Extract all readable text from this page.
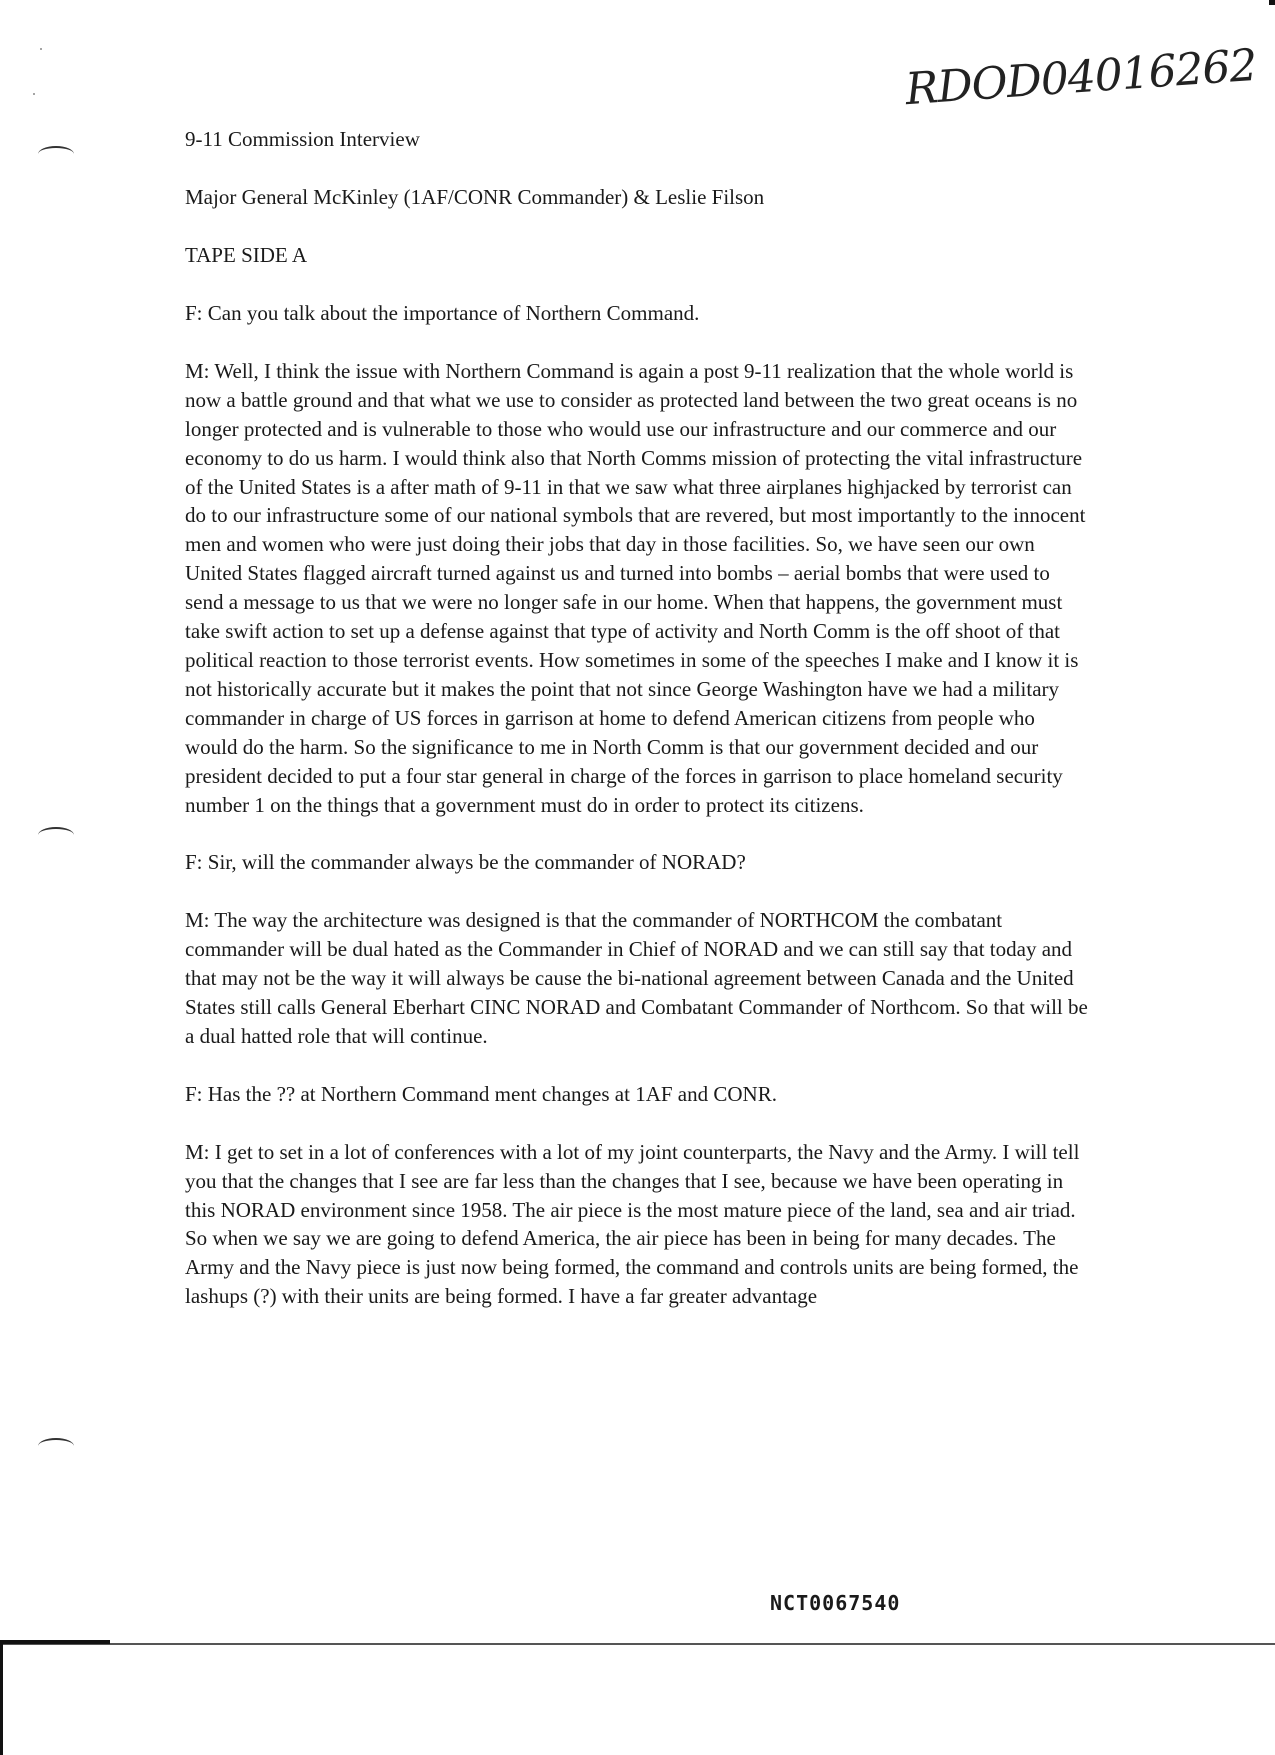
RDOD04016262

9-11 Commission Interview

Major General McKinley (1AF/CONR Commander) & Leslie Filson

TAPE SIDE A

F: Can you talk about the importance of Northern Command.

M: Well, I think the issue with Northern Command is again a post 9-11 realization that the whole world is now a battle ground and that what we use to consider as protected land between the two great oceans is no longer protected and is vulnerable to those who would use our infrastructure and our commerce and our economy to do us harm. I would think also that North Comms mission of protecting the vital infrastructure of the United States is a after math of 9-11 in that we saw what three airplanes highjacked by terrorist can do to our infrastructure some of our national symbols that are revered, but most importantly to the innocent men and women who were just doing their jobs that day in those facilities. So, we have seen our own United States flagged aircraft turned against us and turned into bombs – aerial bombs that were used to send a message to us that we were no longer safe in our home. When that happens, the government must take swift action to set up a defense against that type of activity and North Comm is the off shoot of that political reaction to those terrorist events. How sometimes in some of the speeches I make and I know it is not historically accurate but it makes the point that not since George Washington have we had a military commander in charge of US forces in garrison at home to defend American citizens from people who would do the harm. So the significance to me in North Comm is that our government decided and our president decided to put a four star general in charge of the forces in garrison to place homeland security number 1 on the things that a government must do in order to protect its citizens.

F: Sir, will the commander always be the commander of NORAD?

M: The way the architecture was designed is that the commander of NORTHCOM the combatant commander will be dual hated as the Commander in Chief of NORAD and we can still say that today and that may not be the way it will always be cause the bi-national agreement between Canada and the United States still calls General Eberhart CINC NORAD and Combatant Commander of Northcom. So that will be a dual hatted role that will continue.

F: Has the ?? at Northern Command ment changes at 1AF and CONR.

M: I get to set in a lot of conferences with a lot of my joint counterparts, the Navy and the Army. I will tell you that the changes that I see are far less than the changes that I see, because we have been operating in this NORAD environment since 1958. The air piece is the most mature piece of the land, sea and air triad. So when we say we are going to defend America, the air piece has been in being for many decades. The Army and the Navy piece is just now being formed, the command and controls units are being formed, the lashups (?) with their units are being formed. I have a far greater advantage

NCT0067540
